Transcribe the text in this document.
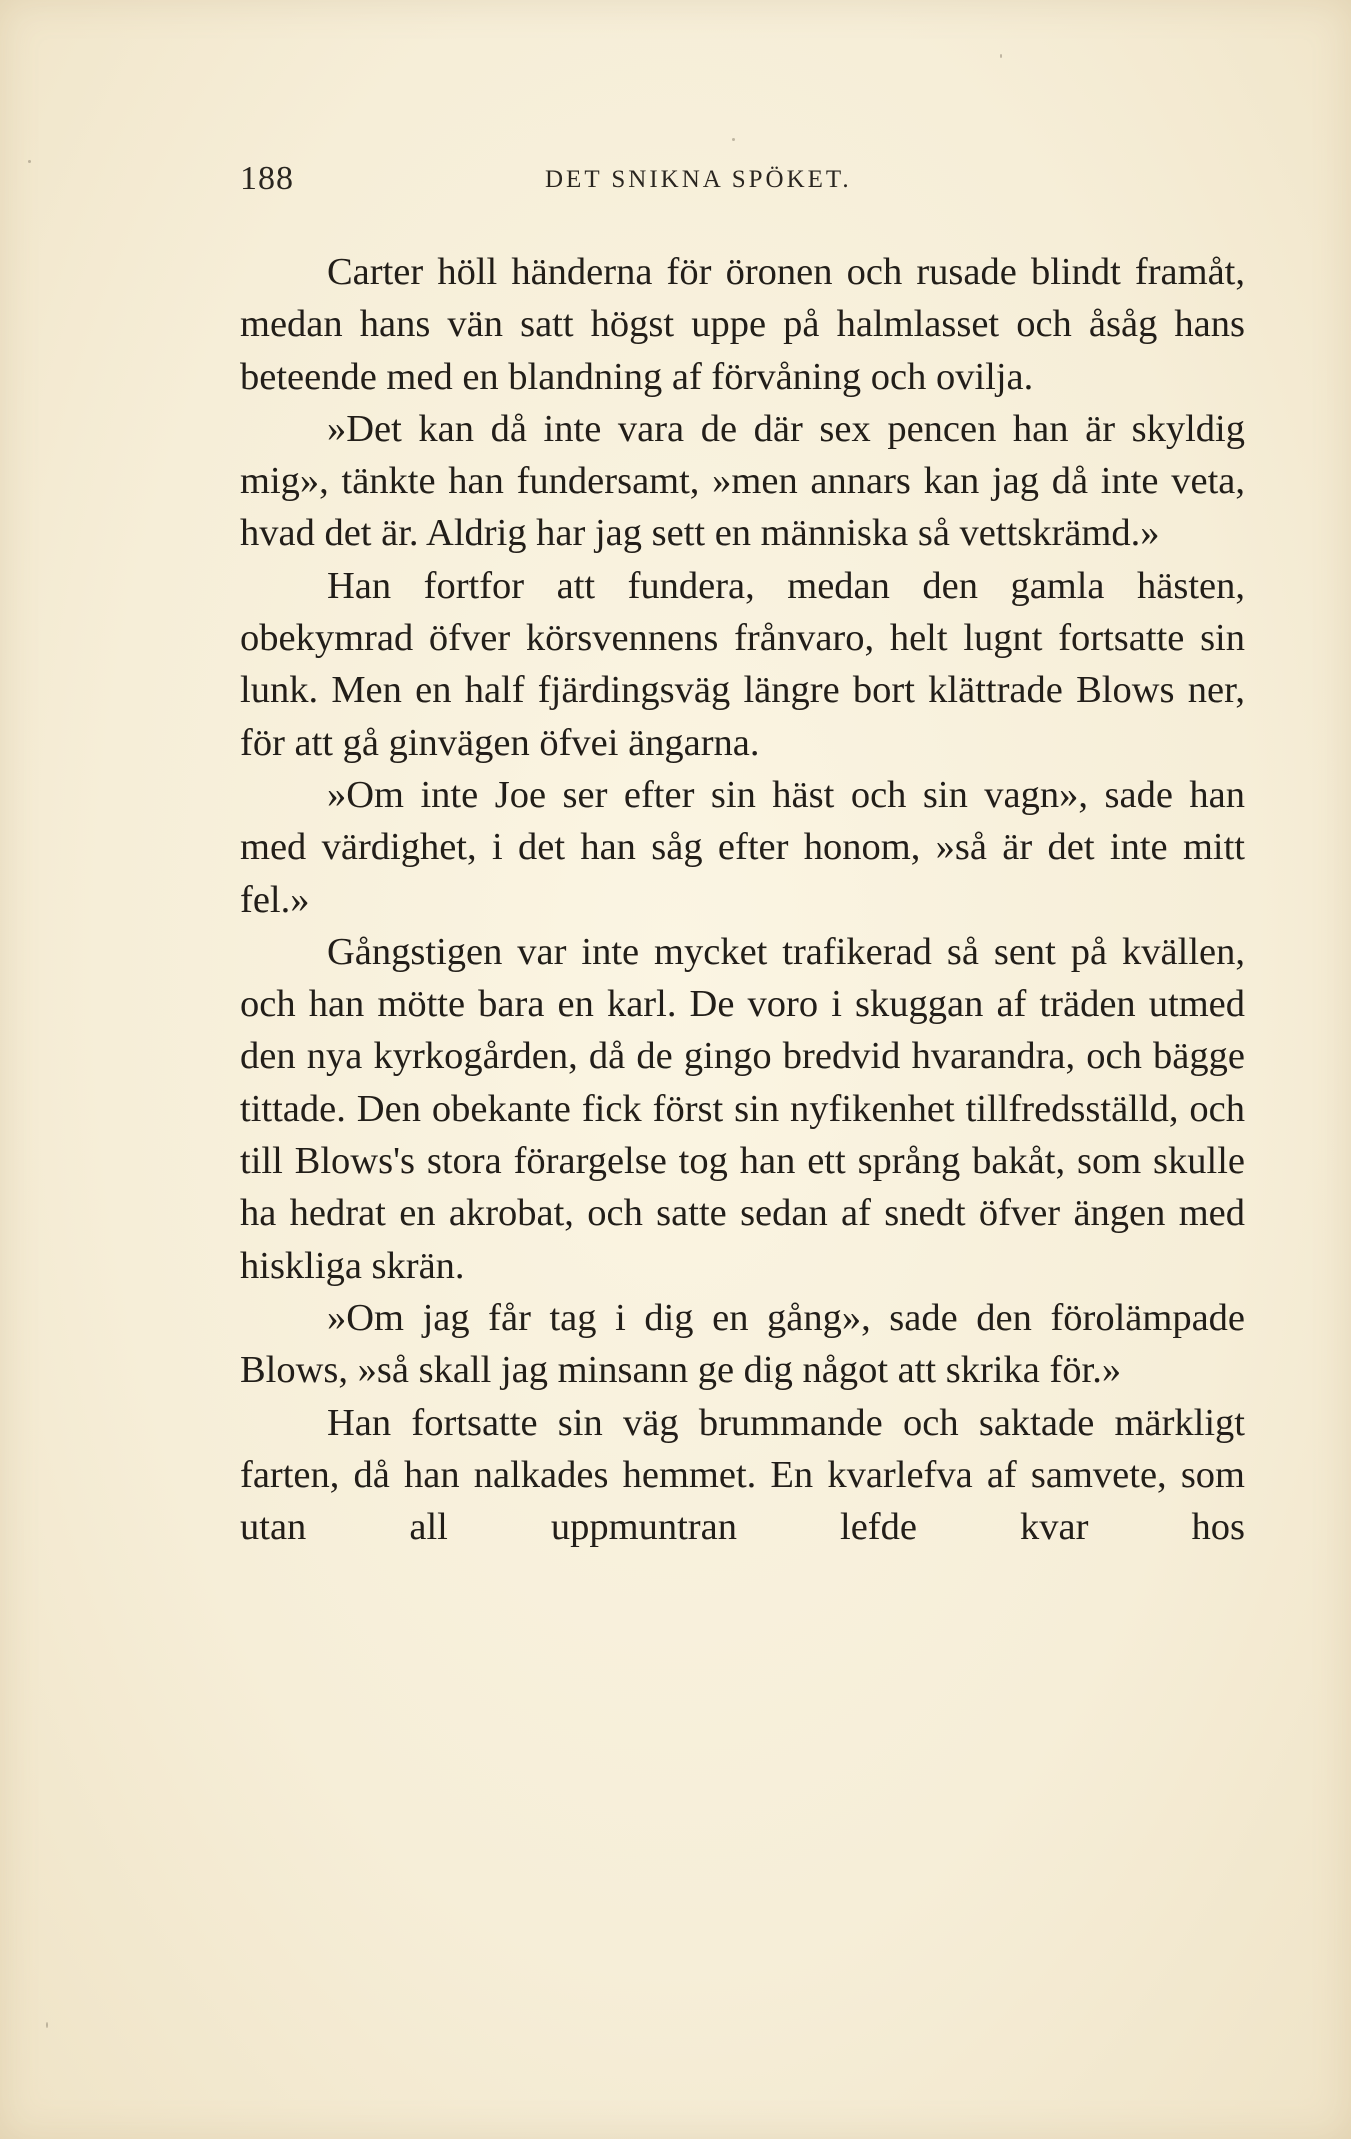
188	DET SNIKNA SPÖKET.

Carter höll händerna för öronen och rusade blindt framåt, medan hans vän satt högst uppe på halmlasset och åsåg hans beteende med en blandning af förvåning och ovilja.

»Det kan då inte vara de där sex pencen han är skyldig mig», tänkte han fundersamt, »men annars kan jag då inte veta, hvad det är. Aldrig har jag sett en människa så vettskrämd.»

Han fortfor att fundera, medan den gamla hästen, obekymrad öfver körsvennens frånvaro, helt lugnt fortsatte sin lunk. Men en half fjärdingsväg längre bort klättrade Blows ner, för att gå ginvägen öfvei ängarna.

»Om inte Joe ser efter sin häst och sin vagn», sade han med värdighet, i det han såg efter honom, »så är det inte mitt fel.»

Gångstigen var inte mycket trafikerad så sent på kvällen, och han mötte bara en karl. De voro i skuggan af träden utmed den nya kyrkogården, då de gingo bredvid hvarandra, och bägge tittade. Den obekante fick först sin nyfikenhet tillfredsställd, och till Blows's stora förargelse tog han ett språng bakåt, som skulle ha hedrat en akrobat, och satte sedan af snedt öfver ängen med hiskliga skrän.

»Om jag får tag i dig en gång», sade den förolämpade Blows, »så skall jag minsann ge dig något att skrika för.»

Han fortsatte sin väg brummande och saktade märkligt farten, då han nalkades hemmet. En kvarlefva af samvete, som utan all uppmuntran lefde kvar hos
